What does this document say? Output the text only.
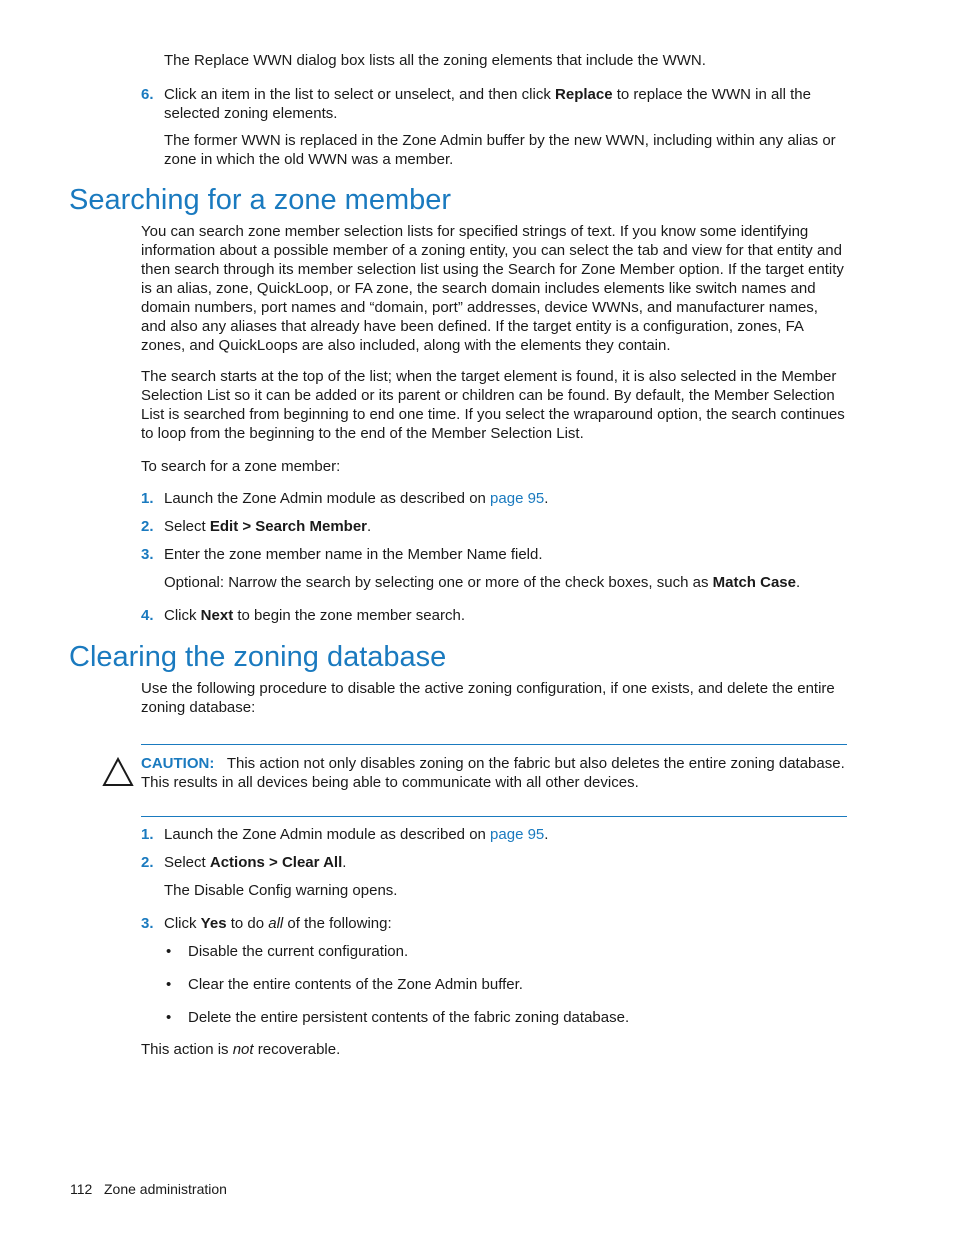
The Replace WWN dialog box lists all the zoning elements that include the WWN.

6. Click an item in the list to select or unselect, and then click Replace to replace the WWN in all the selected zoning elements.

The former WWN is replaced in the Zone Admin buffer by the new WWN, including within any alias or zone in which the old WWN was a member.

Searching for a zone member

You can search zone member selection lists for specified strings of text. If you know some identifying information about a possible member of a zoning entity, you can select the tab and view for that entity and then search through its member selection list using the Search for Zone Member option. If the target entity is an alias, zone, QuickLoop, or FA zone, the search domain includes elements like switch names and domain numbers, port names and “domain, port” addresses, device WWNs, and manufacturer names, and also any aliases that already have been defined. If the target entity is a configuration, zones, FA zones, and QuickLoops are also included, along with the elements they contain.

The search starts at the top of the list; when the target element is found, it is also selected in the Member Selection List so it can be added or its parent or children can be found. By default, the Member Selection List is searched from beginning to end one time. If you select the wraparound option, the search continues to loop from the beginning to the end of the Member Selection List.

To search for a zone member:

1. Launch the Zone Admin module as described on page 95.

2. Select Edit > Search Member.

3. Enter the zone member name in the Member Name field.

Optional: Narrow the search by selecting one or more of the check boxes, such as Match Case.

4. Click Next to begin the zone member search.

Clearing the zoning database

Use the following procedure to disable the active zoning configuration, if one exists, and delete the entire zoning database:

CAUTION: This action not only disables zoning on the fabric but also deletes the entire zoning database. This results in all devices being able to communicate with all other devices.

1. Launch the Zone Admin module as described on page 95.

2. Select Actions > Clear All.

The Disable Config warning opens.

3. Click Yes to do all of the following:

• Disable the current configuration.

• Clear the entire contents of the Zone Admin buffer.

• Delete the entire persistent contents of the fabric zoning database.

This action is not recoverable.

112 Zone administration
